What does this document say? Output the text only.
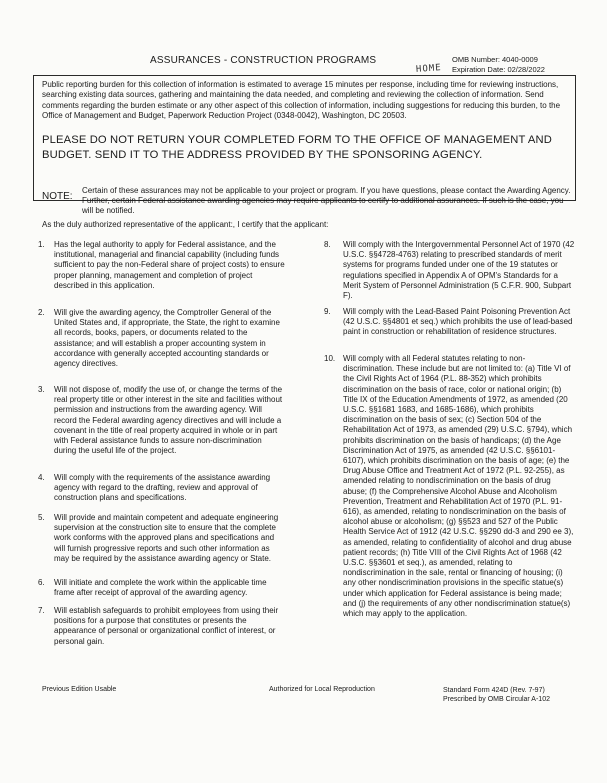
ASSURANCES - CONSTRUCTION PROGRAMS	OMB Number: 4040-0009
Expiration Date: 02/28/2022
HOME
Public reporting burden for this collection of information is estimated to average 15 minutes per response, including time for reviewing instructions, searching existing data sources, gathering and maintaining the data needed, and completing and reviewing the collection of information. Send comments regarding the burden estimate or any other aspect of this collection of information, including suggestions for reducing this burden, to the Office of Management and Budget, Paperwork Reduction Project (0348-0042), Washington, DC 20503.
PLEASE DO NOT RETURN YOUR COMPLETED FORM TO THE OFFICE OF MANAGEMENT AND BUDGET. SEND IT TO THE ADDRESS PROVIDED BY THE SPONSORING AGENCY.
NOTE:
Certain of these assurances may not be applicable to your project or program. If you have questions, please contact the Awarding Agency. Further, certain Federal assistance awarding agencies may require applicants to certify to additional assurances. If such is the case, you will be notified.
As the duly authorized representative of the applicant:, I certify that the applicant:
1. Has the legal authority to apply for Federal assistance, and the institutional, managerial and financial capability (including funds sufficient to pay the non-Federal share of project costs) to ensure proper planning, management and completion of project described in this application.
2. Will give the awarding agency, the Comptroller General of the United States and, if appropriate, the State, the right to examine all records, books, papers, or documents related to the assistance; and will establish a proper accounting system in accordance with generally accepted accounting standards or agency directives.
3. Will not dispose of, modify the use of, or change the terms of the real property title or other interest in the site and facilities without permission and instructions from the awarding agency. Will record the Federal awarding agency directives and will include a covenant in the title of real property acquired in whole or in part with Federal assistance funds to assure non-discrimination during the useful life of the project.
4. Will comply with the requirements of the assistance awarding agency with regard to the drafting, review and approval of construction plans and specifications.
5. Will provide and maintain competent and adequate engineering supervision at the construction site to ensure that the complete work conforms with the approved plans and specifications and will furnish progressive reports and such other information as may be required by the assistance awarding agency or State.
6. Will initiate and complete the work within the applicable time frame after receipt of approval of the awarding agency.
7. Will establish safeguards to prohibit employees from using their positions for a purpose that constitutes or presents the appearance of personal or organizational conflict of interest, or personal gain.
8. Will comply with the Intergovernmental Personnel Act of 1970 (42 U.S.C. §§4728-4763) relating to prescribed standards of merit systems for programs funded under one of the 19 statutes or regulations specified in Appendix A of OPM's Standards for a Merit System of Personnel Administration (5 C.F.R. 900, Subpart F).
9. Will comply with the Lead-Based Paint Poisoning Prevention Act (42 U.S.C. §§4801 et seq.) which prohibits the use of lead-based paint in construction or rehabilitation of residence structures.
10. Will comply with all Federal statutes relating to non-discrimination. These include but are not limited to: (a) Title VI of the Civil Rights Act of 1964 (P.L. 88-352) which prohibits discrimination on the basis of race, color or national origin; (b) Title IX of the Education Amendments of 1972, as amended (20 U.S.C. §§1681 1683, and 1685-1686), which prohibits discrimination on the basis of sex; (c) Section 504 of the Rehabilitation Act of 1973, as amended (29) U.S.C. §794), which prohibits discrimination on the basis of handicaps; (d) the Age Discrimination Act of 1975, as amended (42 U.S.C. §§6101-6107), which prohibits discrimination on the basis of age; (e) the Drug Abuse Office and Treatment Act of 1972 (P.L. 92-255), as amended relating to nondiscrimination on the basis of drug abuse; (f) the Comprehensive Alcohol Abuse and Alcoholism Prevention, Treatment and Rehabilitation Act of 1970 (P.L. 91-616), as amended, relating to nondiscrimination on the basis of alcohol abuse or alcoholism; (g) §§523 and 527 of the Public Health Service Act of 1912 (42 U.S.C. §§290 dd-3 and 290 ee 3), as amended, relating to confidentiality of alcohol and drug abuse patient records; (h) Title VIII of the Civil Rights Act of 1968 (42 U.S.C. §§3601 et seq.), as amended, relating to nondiscrimination in the sale, rental or financing of housing; (i) any other nondiscrimination provisions in the specific statue(s) under which application for Federal assistance is being made; and (j) the requirements of any other nondiscrimination statue(s) which may apply to the application.
Previous Edition Usable	Authorized for Local Reproduction	Standard Form 424D (Rev. 7-97)
Prescribed by OMB Circular A-102
